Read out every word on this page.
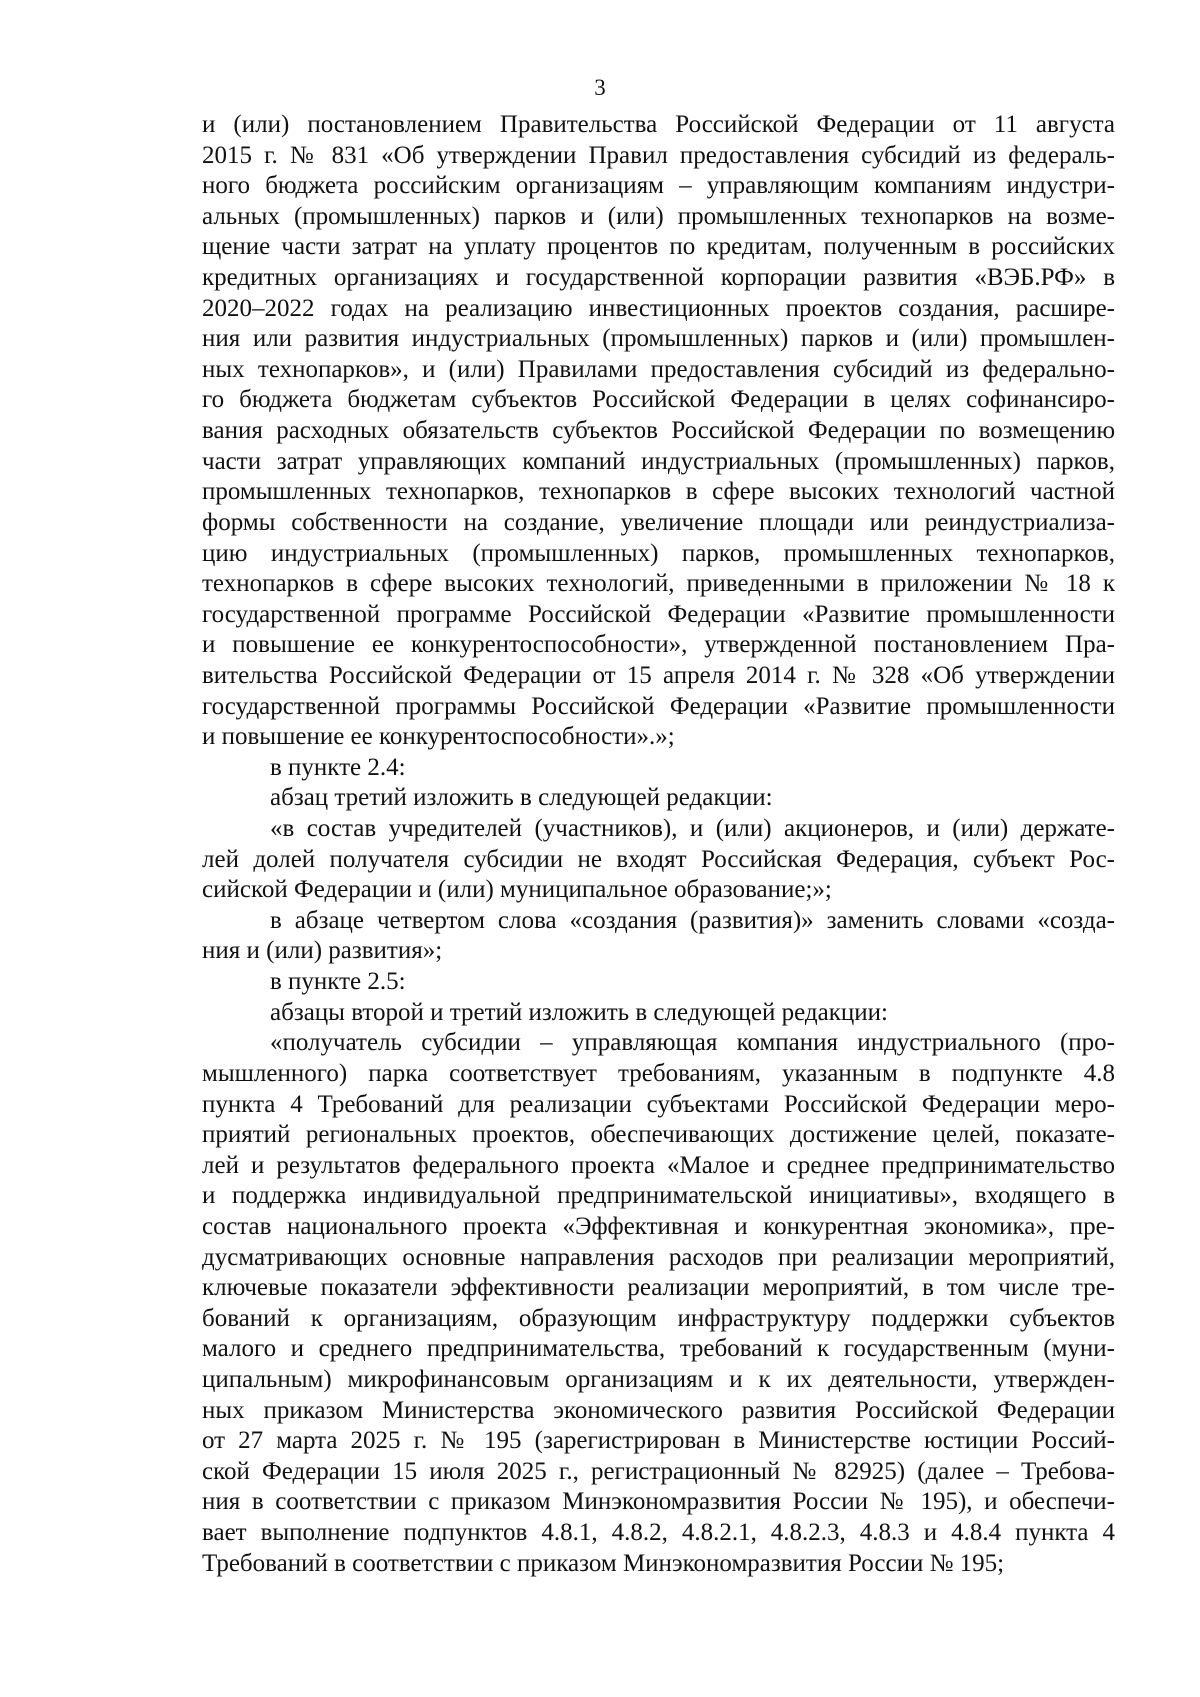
3
и (или) постановлением Правительства Российской Федерации от 11 августа
2015 г. № 831 «Об утверждении Правил предоставления субсидий из федераль-
ного бюджета российским организациям – управляющим компаниям индустри-
альных (промышленных) парков и (или) промышленных технопарков на возме-
щение части затрат на уплату процентов по кредитам, полученным в российских
кредитных организациях и государственной корпорации развития «ВЭБ.РФ» в
2020–2022 годах на реализацию инвестиционных проектов создания, расшире-
ния или развития индустриальных (промышленных) парков и (или) промышлен-
ных технопарков», и (или) Правилами предоставления субсидий из федерально-
го бюджета бюджетам субъектов Российской Федерации в целях софинансиро-
вания расходных обязательств субъектов Российской Федерации по возмещению
части затрат управляющих компаний индустриальных (промышленных) парков,
промышленных технопарков, технопарков в сфере высоких технологий частной
формы собственности на создание, увеличение площади или реиндустриализа-
цию индустриальных (промышленных) парков, промышленных технопарков,
технопарков в сфере высоких технологий, приведенными в приложении № 18 к
государственной программе Российской Федерации «Развитие промышленности
и повышение ее конкурентоспособности», утвержденной постановлением Пра-
вительства Российской Федерации от 15 апреля 2014 г. № 328 «Об утверждении
государственной программы Российской Федерации «Развитие промышленности
и повышение ее конкурентоспособности».»;
в пункте 2.4:
абзац третий изложить в следующей редакции:
«в состав учредителей (участников), и (или) акционеров, и (или) держате-
лей долей получателя субсидии не входят Российская Федерация, субъект Рос-
сийской Федерации и (или) муниципальное образование;»;
в абзаце четвертом слова «создания (развития)» заменить словами «созда-
ния и (или) развития»;
в пункте 2.5:
абзацы второй и третий изложить в следующей редакции:
«получатель субсидии – управляющая компания индустриального (про-
мышленного) парка соответствует требованиям, указанным в подпункте 4.8
пункта 4 Требований для реализации субъектами Российской Федерации меро-
приятий региональных проектов, обеспечивающих достижение целей, показате-
лей и результатов федерального проекта «Малое и среднее предпринимательство
и поддержка индивидуальной предпринимательской инициативы», входящего в
состав национального проекта «Эффективная и конкурентная экономика», пре-
дусматривающих основные направления расходов при реализации мероприятий,
ключевые показатели эффективности реализации мероприятий, в том числе тре-
бований к организациям, образующим инфраструктуру поддержки субъектов
малого и среднего предпринимательства, требований к государственным (муни-
ципальным) микрофинансовым организациям и к их деятельности, утвержден-
ных приказом Министерства экономического развития Российской Федерации
от 27 марта 2025 г. № 195 (зарегистрирован в Министерстве юстиции Россий-
ской Федерации 15 июля 2025 г., регистрационный № 82925) (далее – Требова-
ния в соответствии с приказом Минэкономразвития России № 195), и обеспечи-
вает выполнение подпунктов 4.8.1, 4.8.2, 4.8.2.1, 4.8.2.3, 4.8.3 и 4.8.4 пункта 4
Требований в соответствии с приказом Минэкономразвития России № 195;
